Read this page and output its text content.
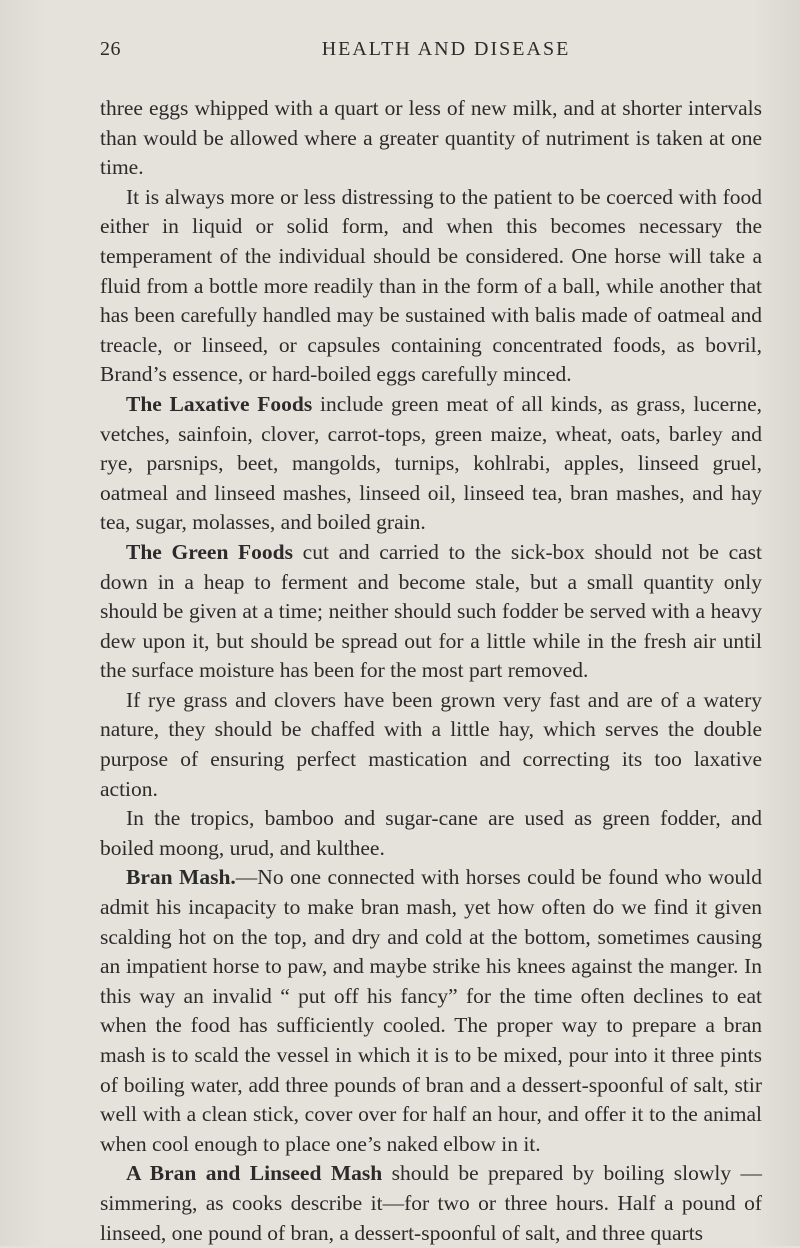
26	HEALTH AND DISEASE

three eggs whipped with a quart or less of new milk, and at shorter intervals than would be allowed where a greater quantity of nutriment is taken at one time.

It is always more or less distressing to the patient to be coerced with food either in liquid or solid form, and when this becomes necessary the temperament of the individual should be considered. One horse will take a fluid from a bottle more readily than in the form of a ball, while another that has been carefully handled may be sustained with balis made of oatmeal and treacle, or linseed, or capsules containing concentrated foods, as bovril, Brand’s essence, or hard-boiled eggs carefully minced.

The Laxative Foods include green meat of all kinds, as grass, lucerne, vetches, sainfoin, clover, carrot-tops, green maize, wheat, oats, barley and rye, parsnips, beet, mangolds, turnips, kohlrabi, apples, linseed gruel, oatmeal and linseed mashes, linseed oil, linseed tea, bran mashes, and hay tea, sugar, molasses, and boiled grain.

The Green Foods cut and carried to the sick-box should not be cast down in a heap to ferment and become stale, but a small quantity only should be given at a time; neither should such fodder be served with a heavy dew upon it, but should be spread out for a little while in the fresh air until the surface moisture has been for the most part removed.

If rye grass and clovers have been grown very fast and are of a watery nature, they should be chaffed with a little hay, which serves the double purpose of ensuring perfect mastication and correcting its too laxative action.

In the tropics, bamboo and sugar-cane are used as green fodder, and boiled moong, urud, and kulthee.

Bran Mash.—No one connected with horses could be found who would admit his incapacity to make bran mash, yet how often do we find it given scalding hot on the top, and dry and cold at the bottom, sometimes causing an impatient horse to paw, and maybe strike his knees against the manger. In this way an invalid “ put off his fancy” for the time often declines to eat when the food has sufficiently cooled. The proper way to prepare a bran mash is to scald the vessel in which it is to be mixed, pour into it three pints of boiling water, add three pounds of bran and a dessert-spoonful of salt, stir well with a clean stick, cover over for half an hour, and offer it to the animal when cool enough to place one’s naked elbow in it.

A Bran and Linseed Mash should be prepared by boiling slowly —simmering, as cooks describe it—for two or three hours. Half a pound of linseed, one pound of bran, a dessert-spoonful of salt, and three quarts
